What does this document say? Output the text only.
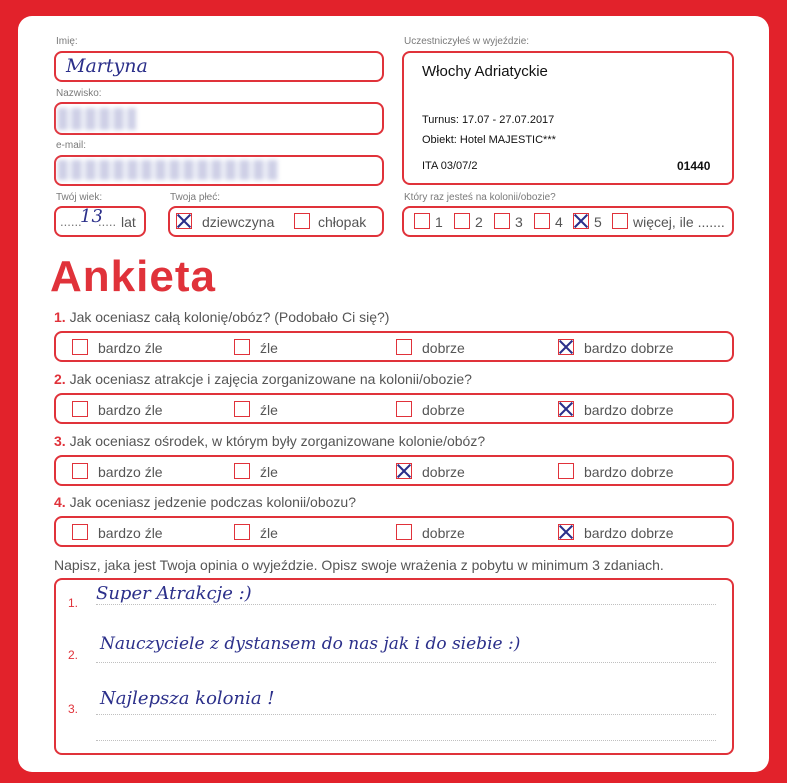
Imię:
Martyna
Nazwisko:
e-mail:
Twój wiek:
......
13
..... lat
Twoja płeć:
dziewczyna	chłopak
Uczestniczyłeś w wyjeździe:
Włochy Adriatyckie
Turnus: 17.07 - 27.07.2017
Obiekt: Hotel MAJESTIC***
ITA 03/07/2	01440
Który raz jesteś na kolonii/obozie?
1 2 3 4 5 więcej, ile .......
Ankieta
1. Jak oceniasz całą kolonię/obóz? (Podobało Ci się?)
bardzo źle	źle	dobrze	bardzo dobrze
2. Jak oceniasz atrakcje i zajęcia zorganizowane na kolonii/obozie?
bardzo źle	źle	dobrze	bardzo dobrze
3. Jak oceniasz ośrodek, w którym były zorganizowane kolonie/obóz?
bardzo źle	źle	dobrze	bardzo dobrze
4. Jak oceniasz jedzenie podczas kolonii/obozu?
bardzo źle	źle	dobrze	bardzo dobrze
Napisz, jaka jest Twoja opinia o wyjeździe. Opisz swoje wrażenia z pobytu w minimum 3 zdaniach.
1. Super Atrakcje :)
2.
Nauczyciele z dystansem do nas jak i do siebie :)
3. Najlepsza kolonia !
